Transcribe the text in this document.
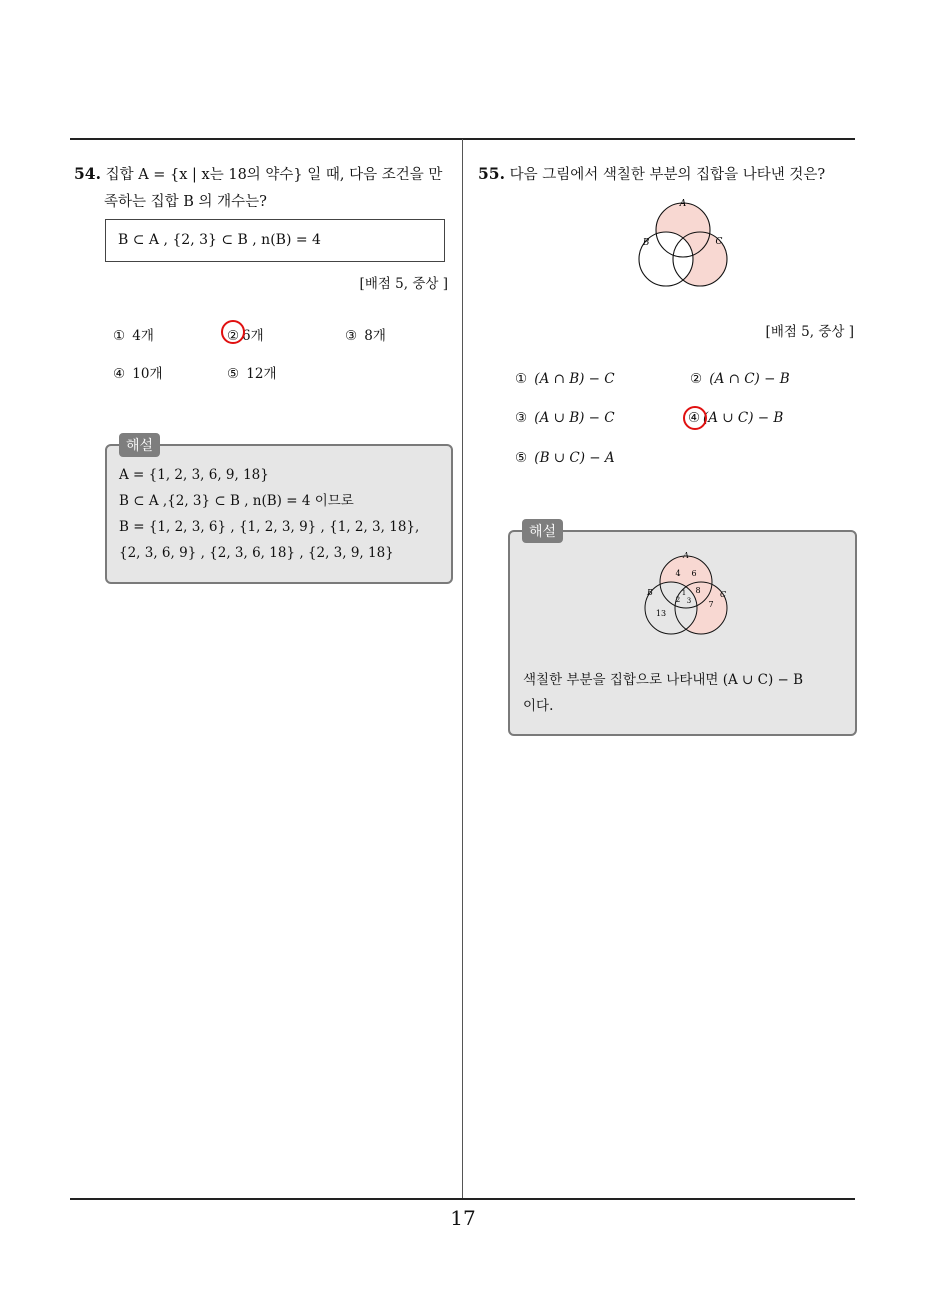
17
54. 집합 A = {x | x는 18의 약수} 일 때, 다음 조건을 만
족하는 집합 B 의 개수는?
B ⊂ A , {2, 3} ⊂ B , n(B) = 4
[배점 5, 중상 ]
① 4개	② 6개	③ 8개
④ 10개	⑤ 12개
해설
A = {1, 2, 3, 6, 9, 18}
B ⊂ A ,{2, 3} ⊂ B , n(B) = 4 이므로
B = {1, 2, 3, 6} , {1, 2, 3, 9} , {1, 2, 3, 18},
{2, 3, 6, 9} , {2, 3, 6, 18} , {2, 3, 9, 18}
55. 다음 그림에서 색칠한 부분의 집합을 나타낸 것은?
A
B	C
[배점 5, 중상 ]
① (A ∩ B) − C	② (A ∩ C) − B
③ (A ∪ B) − C	④ (A ∪ C) − B
⑤ (B ∪ C) − A
해설
A
B	C
4 6
8
1
2 3 7
13
색칠한 부분을 집합으로 나타내면 (A ∪ C) − B
이다.
